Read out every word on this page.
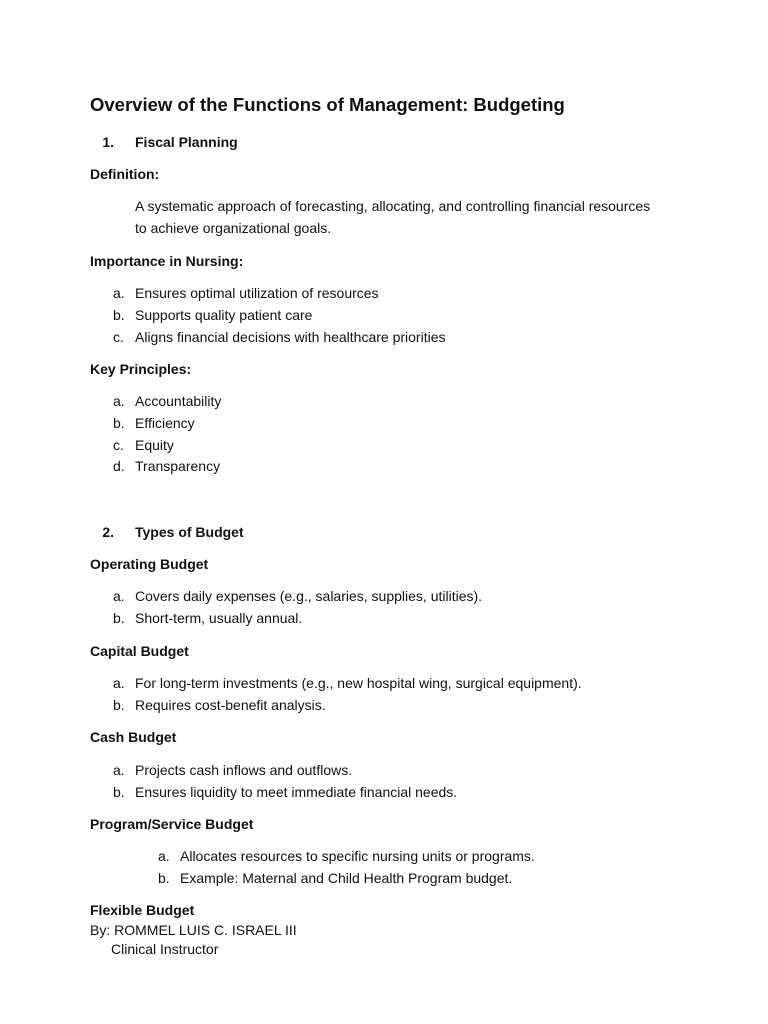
Overview of the Functions of Management: Budgeting
1. Fiscal Planning
Definition:
A systematic approach of forecasting, allocating, and controlling financial resources to achieve organizational goals.
Importance in Nursing:
a. Ensures optimal utilization of resources
b. Supports quality patient care
c. Aligns financial decisions with healthcare priorities
Key Principles:
a. Accountability
b. Efficiency
c. Equity
d. Transparency
2. Types of Budget
Operating Budget
a. Covers daily expenses (e.g., salaries, supplies, utilities).
b. Short-term, usually annual.
Capital Budget
a. For long-term investments (e.g., new hospital wing, surgical equipment).
b. Requires cost-benefit analysis.
Cash Budget
a. Projects cash inflows and outflows.
b. Ensures liquidity to meet immediate financial needs.
Program/Service Budget
a. Allocates resources to specific nursing units or programs.
b. Example: Maternal and Child Health Program budget.
Flexible Budget
By: ROMMEL LUIS C. ISRAEL III
Clinical Instructor
